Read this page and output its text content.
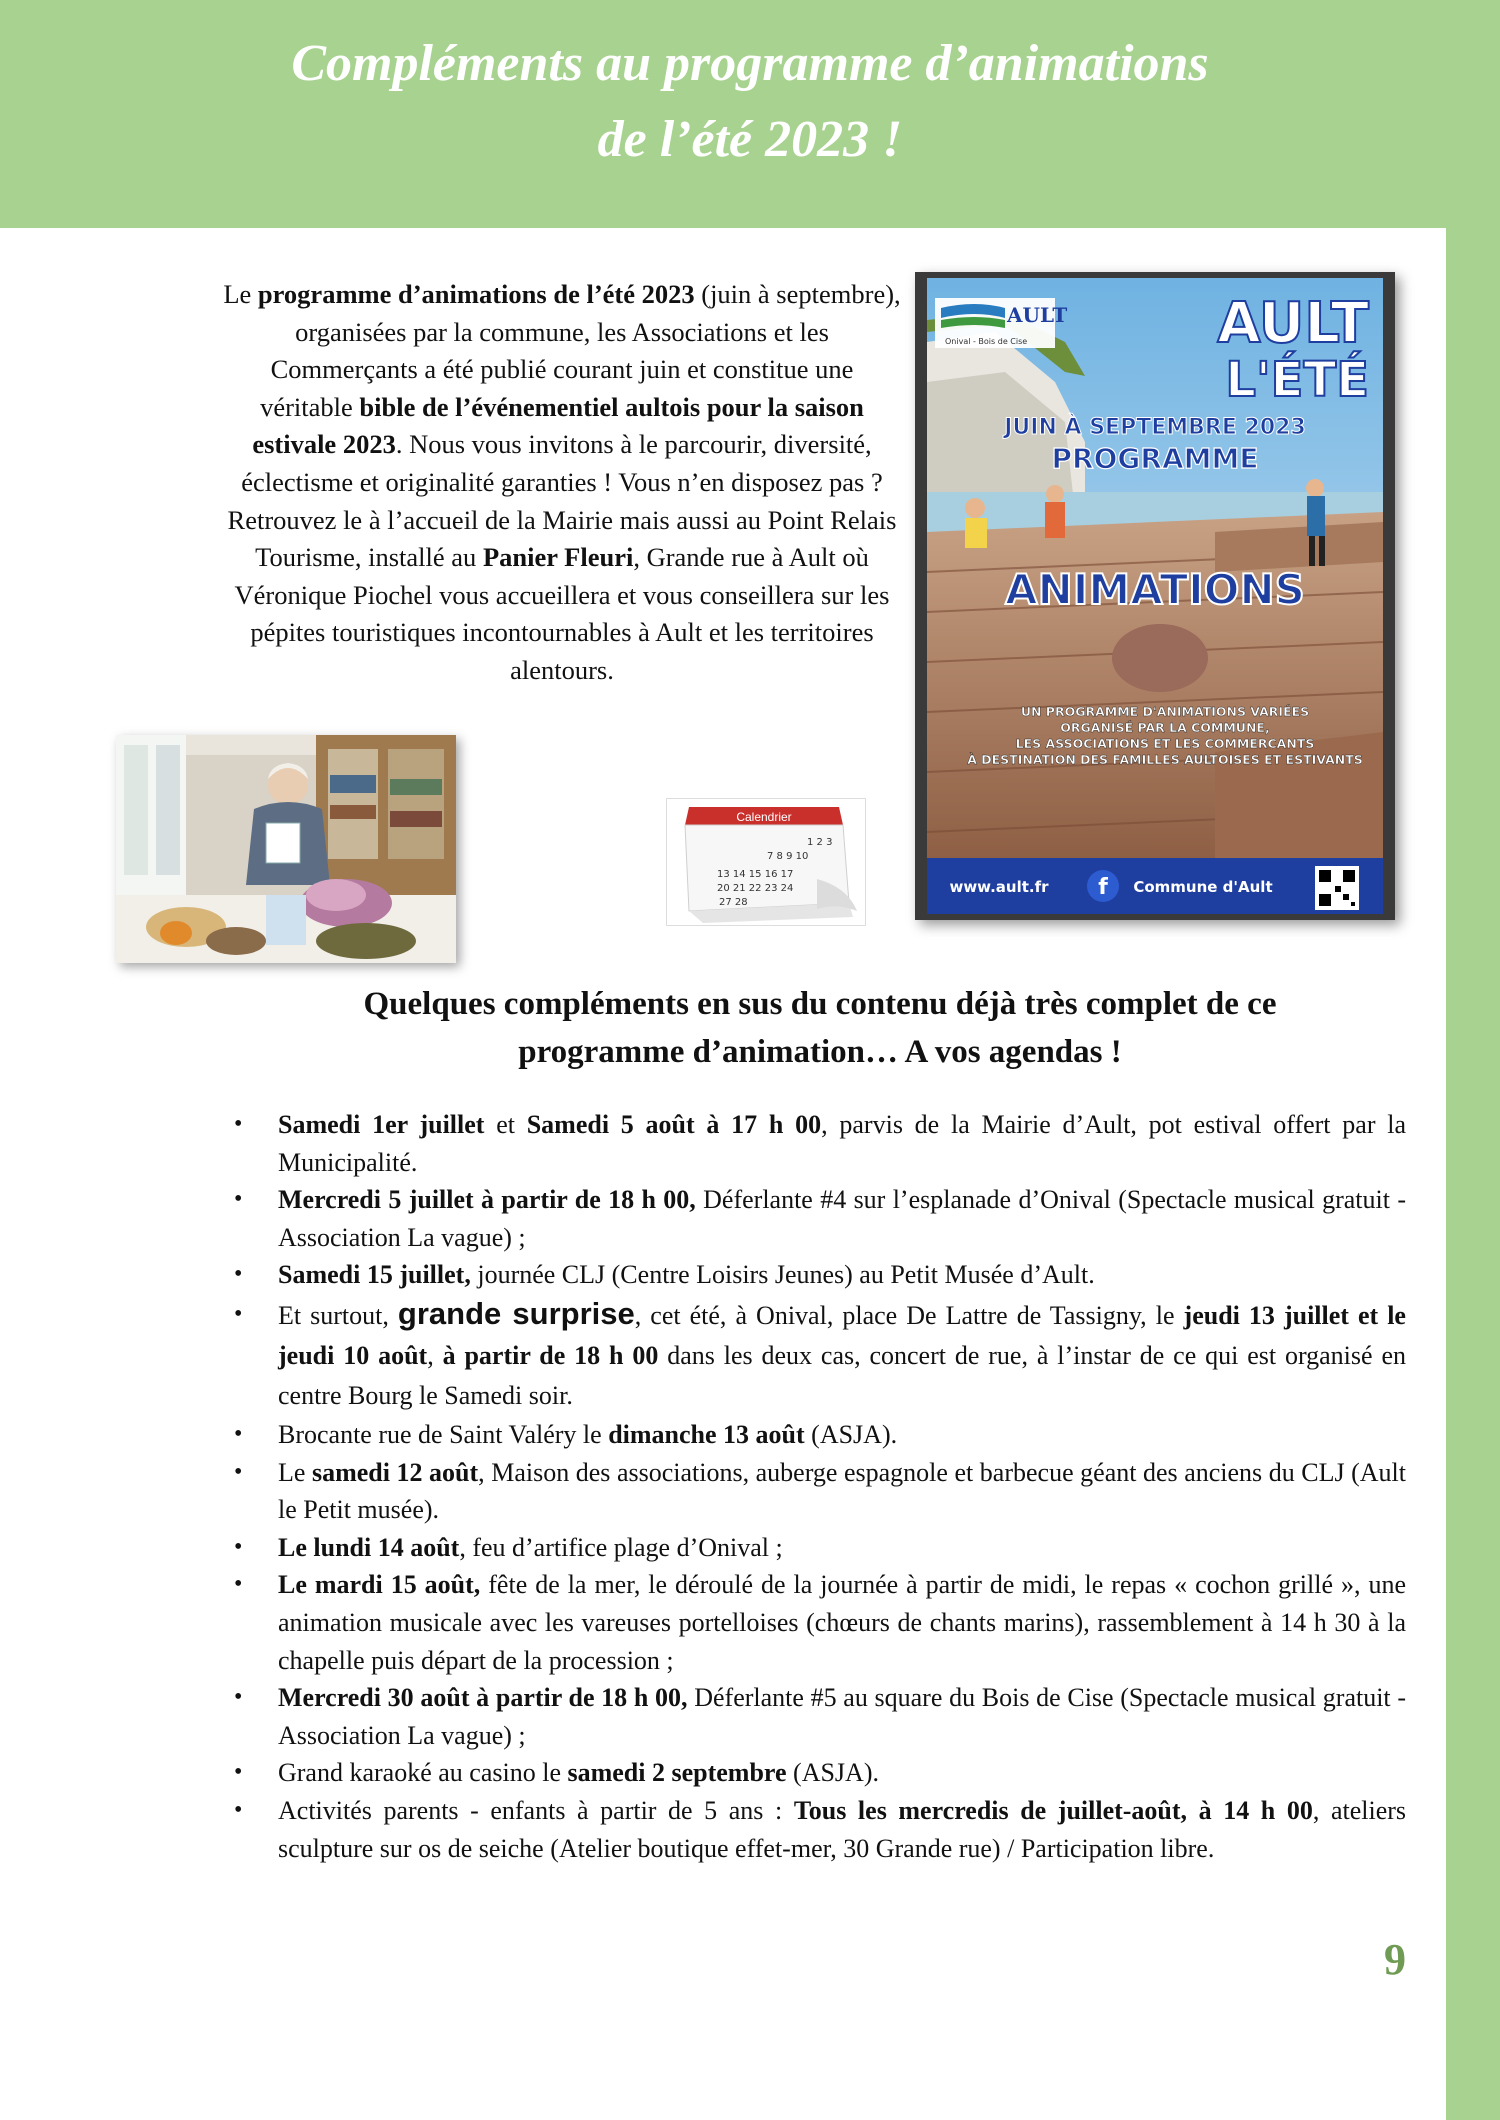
Compléments au programme d’animations
de l’été 2023 !
Le programme d’animations de l’été 2023 (juin à septembre), organisées par la commune, les Associations et les Commerçants a été publié courant juin et constitue une véritable bible de l’événementiel aultois pour la saison estivale 2023. Nous vous invitons à le parcourir, diversité, éclectisme et originalité garanties ! Vous n’en disposez pas ? Retrouvez le à l’accueil de la Mairie mais aussi au Point Relais Tourisme, installé au Panier Fleuri, Grande rue à Ault où Véronique Piochel vous accueillera et vous conseillera sur les pépites touristiques incontournables à Ault et les territoires alentours.
Calendrier
1 2 3
7 8 9 10
13 14 15 16 17
20 21 22 23 24
27 28
AULT
Onival - Bois de Cise	AULT
L'ÉTÉ
JUIN À SEPTEMBRE 2023
PROGRAMME
ANIMATIONS
UN PROGRAMME D'ANIMATIONS VARIÉES
ORGANISÉ PAR LA COMMUNE,
LES ASSOCIATIONS ET LES COMMERCANTS
À DESTINATION DES FAMILLES AULTOISES ET ESTIVANTS
www.ault.fr f Commune d'Ault
Quelques compléments en sus du contenu déjà très complet de ce
programme d’animation… A vos agendas !
• Samedi 1er juillet et Samedi 5 août à 17 h 00, parvis de la Mairie d’Ault, pot estival offert par la Municipalité.
• Mercredi 5 juillet à partir de 18 h 00, Déferlante #4 sur l’esplanade d’Onival (Spectacle musical gratuit - Association La vague) ;
• Samedi 15 juillet, journée CLJ (Centre Loisirs Jeunes) au Petit Musée d’Ault.
• Et surtout, grande surprise, cet été, à Onival, place De Lattre de Tassigny, le jeudi 13 juillet et le jeudi 10 août, à partir de 18 h 00 dans les deux cas, concert de rue, à l’instar de ce qui est organisé en centre Bourg le Samedi soir.
• Brocante rue de Saint Valéry le dimanche 13 août (ASJA).
• Le samedi 12 août, Maison des associations, auberge espagnole et barbecue géant des anciens du CLJ (Ault le Petit musée).
• Le lundi 14 août, feu d’artifice plage d’Onival ;
• Le mardi 15 août, fête de la mer, le déroulé de la journée à partir de midi, le repas « cochon grillé », une animation musicale avec les vareuses portelloises (chœurs de chants marins), rassemblement à 14 h 30 à la chapelle puis départ de la procession ;
• Mercredi 30 août à partir de 18 h 00, Déferlante #5 au square du Bois de Cise (Spectacle musical gratuit - Association La vague) ;
• Grand karaoké au casino le samedi 2 septembre (ASJA).
• Activités parents - enfants à partir de 5 ans : Tous les mercredis de juillet-août, à 14 h 00, ateliers sculpture sur os de seiche (Atelier boutique effet-mer, 30 Grande rue) / Participation libre.
9
